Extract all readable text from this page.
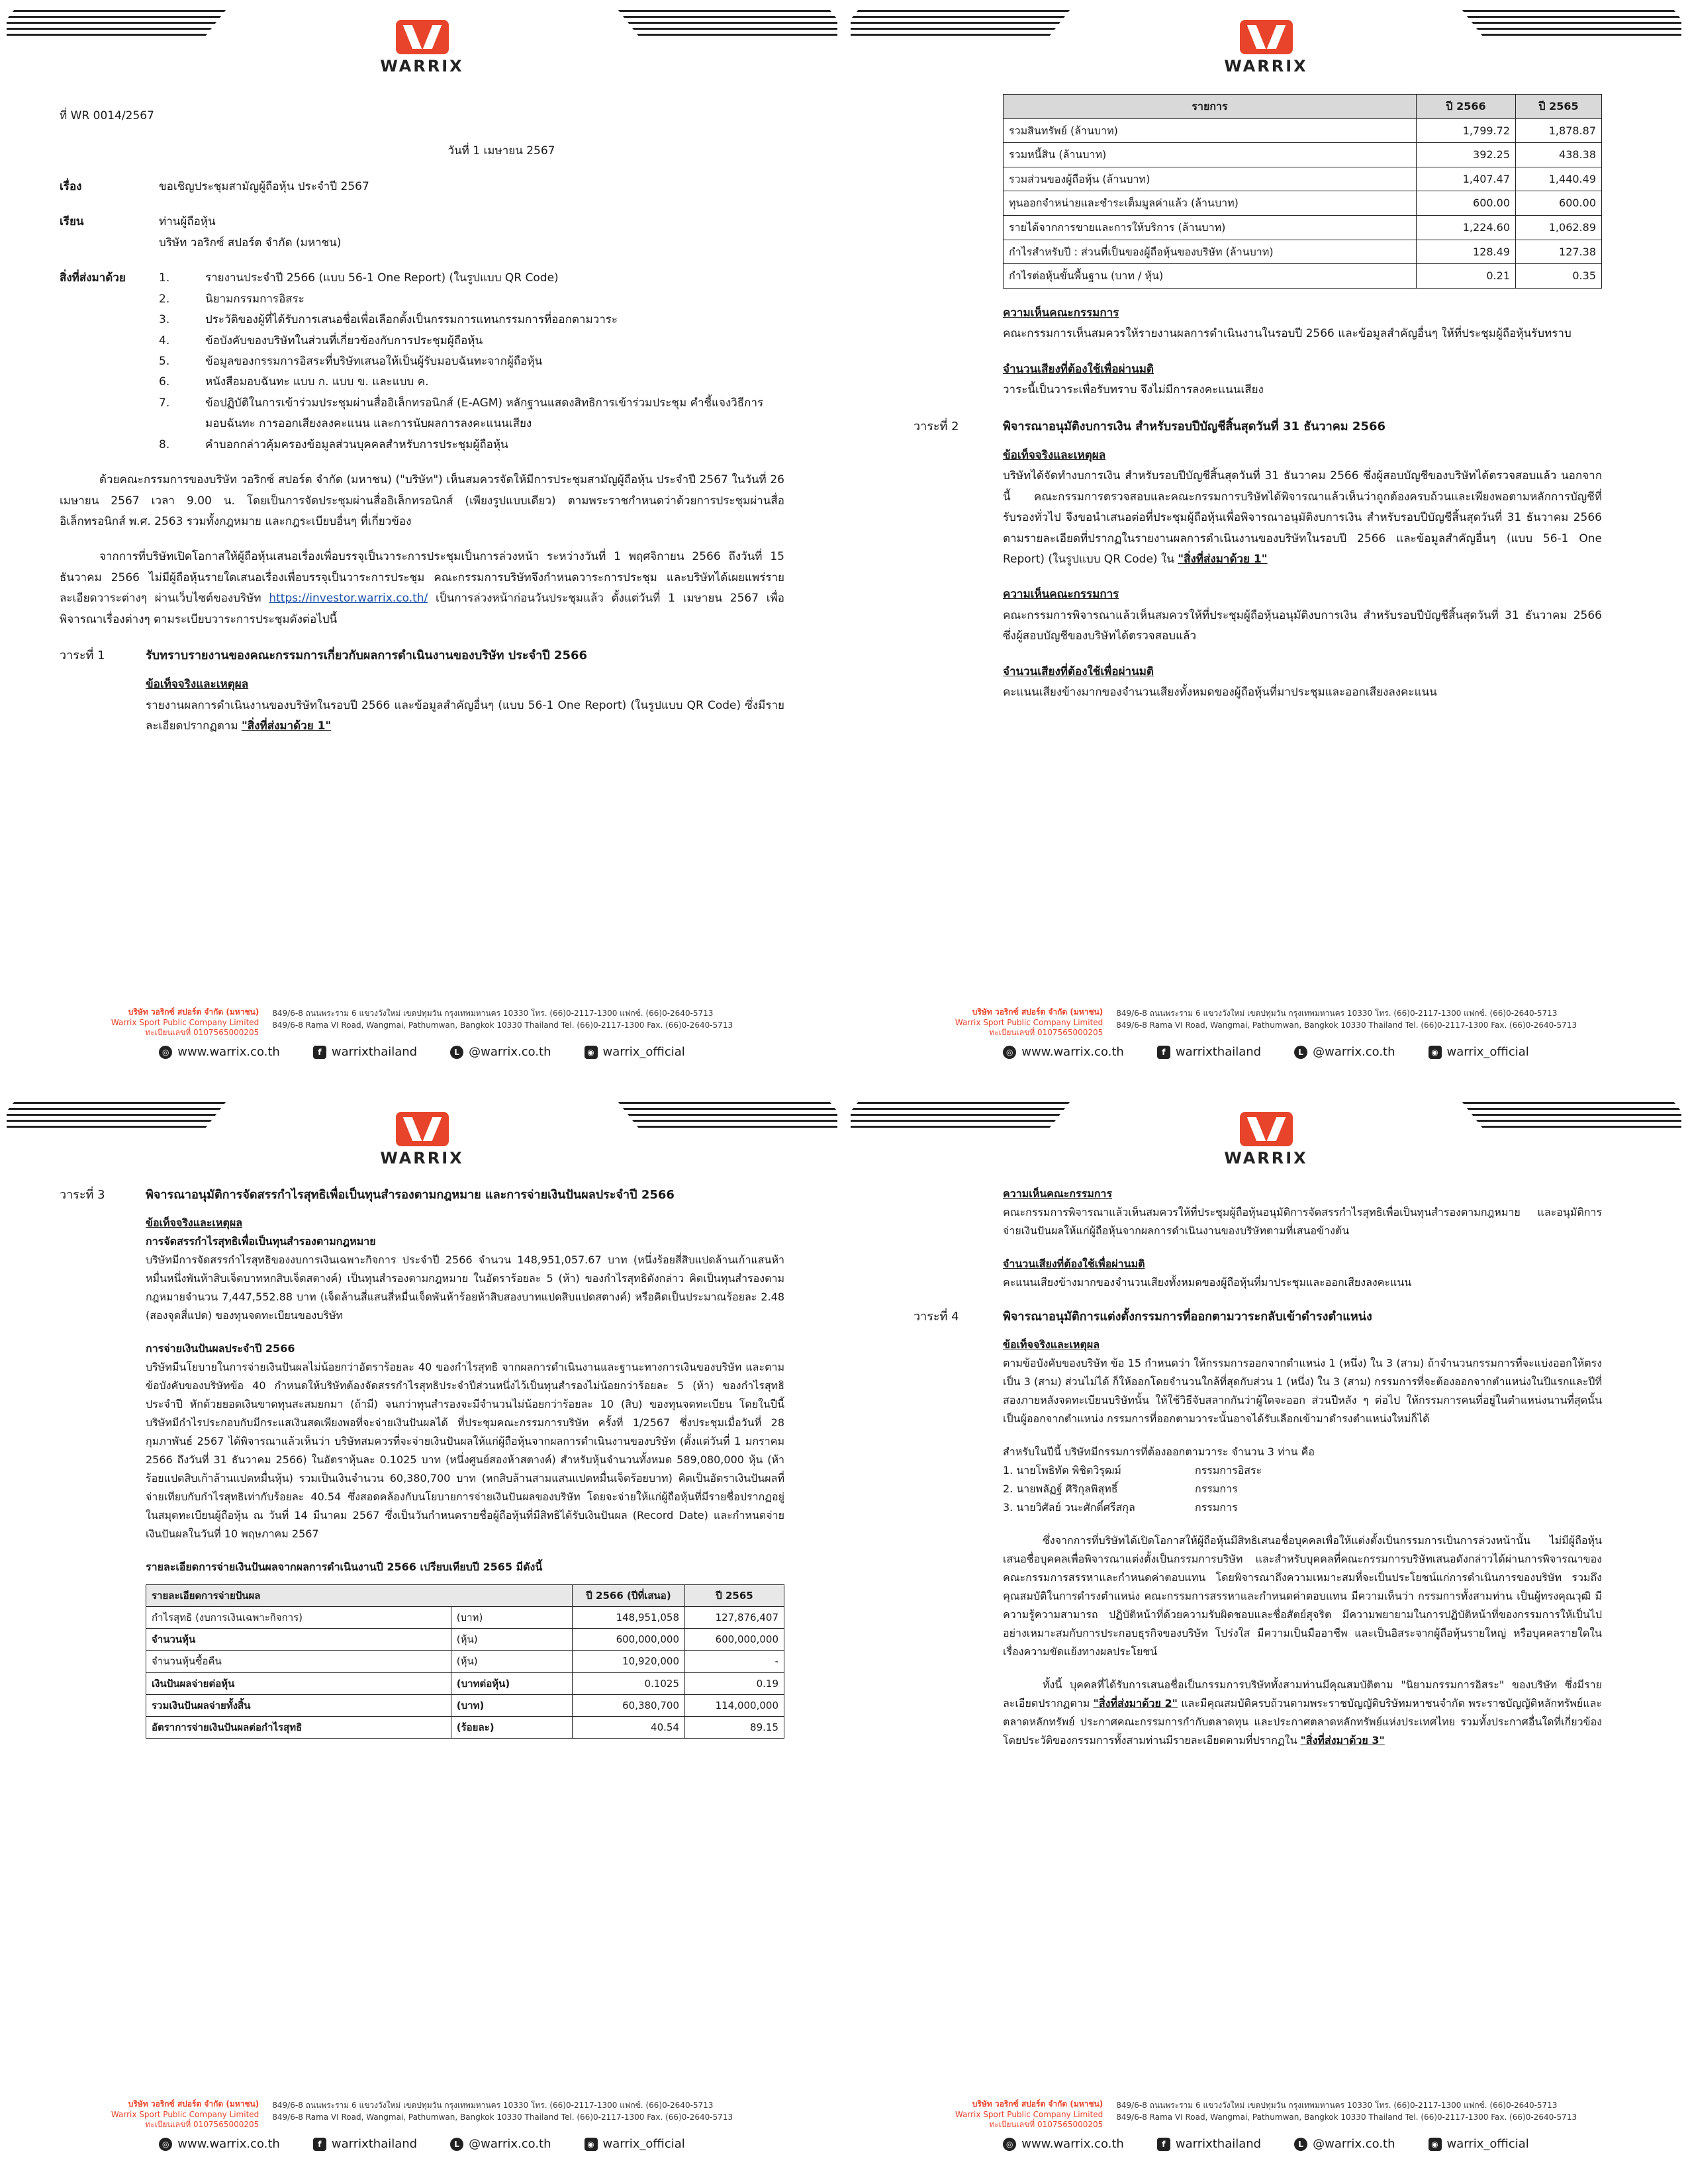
WARRIX
ที่ WR 0014/2567
วันที่ 1 เมษายน 2567
เรื่อง	ขอเชิญประชุมสามัญผู้ถือหุ้น ประจำปี 2567
เรียน	ท่านผู้ถือหุ้น
บริษัท วอริกซ์ สปอร์ต จำกัด (มหาชน)
สิ่งที่ส่งมาด้วย	1.	รายงานประจำปี 2566 (แบบ 56-1 One Report) (ในรูปแบบ QR Code)
2.	นิยามกรรมการอิสระ
3.	ประวัติของผู้ที่ได้รับการเสนอชื่อเพื่อเลือกตั้งเป็นกรรมการแทนกรรมการที่ออกตามวาระ
4.	ข้อบังคับของบริษัทในส่วนที่เกี่ยวข้องกับการประชุมผู้ถือหุ้น
5.	ข้อมูลของกรรมการอิสระที่บริษัทเสนอให้เป็นผู้รับมอบฉันทะจากผู้ถือหุ้น
6.	หนังสือมอบฉันทะ แบบ ก. แบบ ข. และแบบ ค.
7.	ข้อปฏิบัติในการเข้าร่วมประชุมผ่านสื่ออิเล็กทรอนิกส์ (E-AGM) หลักฐานแสดงสิทธิการเข้าร่วมประชุม คำชี้แจงวิธีการมอบฉันทะ การออกเสียงลงคะแนน และการนับผลการลงคะแนนเสียง
8.	คำบอกกล่าวคุ้มครองข้อมูลส่วนบุคคลสำหรับการประชุมผู้ถือหุ้น

ด้วยคณะกรรมการของบริษัท วอริกซ์ สปอร์ต จำกัด (มหาชน) ("บริษัท") เห็นสมควรจัดให้มีการประชุมสามัญผู้ถือหุ้น ประจำปี 2567 ในวันที่ 26 เมษายน 2567 เวลา 9.00 น. โดยเป็นการจัดประชุมผ่านสื่ออิเล็กทรอนิกส์ (เพียงรูปแบบเดียว) ตามพระราชกำหนดว่าด้วยการประชุมผ่านสื่ออิเล็กทรอนิกส์ พ.ศ. 2563 รวมทั้งกฎหมาย และกฎระเบียบอื่นๆ ที่เกี่ยวข้อง

จากการที่บริษัทเปิดโอกาสให้ผู้ถือหุ้นเสนอเรื่องเพื่อบรรจุเป็นวาระการประชุมเป็นการล่วงหน้า ระหว่างวันที่ 1 พฤศจิกายน 2566 ถึงวันที่ 15 ธันวาคม 2566 ไม่มีผู้ถือหุ้นรายใดเสนอเรื่องเพื่อบรรจุเป็นวาระการประชุม คณะกรรมการบริษัทจึงกำหนดวาระการประชุม และบริษัทได้เผยแพร่รายละเอียดวาระต่างๆ ผ่านเว็บไซต์ของบริษัท https://investor.warrix.co.th/ เป็นการล่วงหน้าก่อนวันประชุมแล้ว ตั้งแต่วันที่ 1 เมษายน 2567 เพื่อพิจารณาเรื่องต่างๆ ตามระเบียบวาระการประชุมดังต่อไปนี้

วาระที่ 1	รับทราบรายงานของคณะกรรมการเกี่ยวกับผลการดำเนินงานของบริษัท ประจำปี 2566
ข้อเท็จจริงและเหตุผล

รายงานผลการดำเนินงานของบริษัทในรอบปี 2566 และข้อมูลสำคัญอื่นๆ (แบบ 56-1 One Report) (ในรูปแบบ QR Code) ซึ่งมีรายละเอียดปรากฏตาม "สิ่งที่ส่งมาด้วย 1"

บริษัท วอริกซ์ สปอร์ต จำกัด (มหาชน)
Warrix Sport Public Company Limited
ทะเบียนเลขที่ 0107565000205
849/6-8 ถนนพระราม 6 แขวงวังใหม่ เขตปทุมวัน กรุงเทพมหานคร 10330 โทร. (66)0-2117-1300 แฟกซ์. (66)0-2640-5713
849/6-8 Rama VI Road, Wangmai, Pathumwan, Bangkok 10330 Thailand Tel. (66)0-2117-1300 Fax. (66)0-2640-5713
◎ www.warrix.co.th	f warrixthailand	L @warrix.co.th	◉ warrix_official
WARRIX
รายการ	ปี 2566	ปี 2565
รวมสินทรัพย์ (ล้านบาท)	1,799.72	1,878.87
รวมหนี้สิน (ล้านบาท)	392.25	438.38
รวมส่วนของผู้ถือหุ้น (ล้านบาท)	1,407.47	1,440.49
ทุนออกจำหน่ายและชำระเต็มมูลค่าแล้ว (ล้านบาท)	600.00	600.00
รายได้จากการขายและการให้บริการ (ล้านบาท)	1,224.60	1,062.89
กำไรสำหรับปี : ส่วนที่เป็นของผู้ถือหุ้นของบริษัท (ล้านบาท)	128.49	127.38
กำไรต่อหุ้นขั้นพื้นฐาน (บาท / หุ้น)	0.21	0.35
ความเห็นคณะกรรมการ

คณะกรรมการเห็นสมควรให้รายงานผลการดำเนินงานในรอบปี 2566 และข้อมูลสำคัญอื่นๆ ให้ที่ประชุมผู้ถือหุ้นรับทราบ

จำนวนเสียงที่ต้องใช้เพื่อผ่านมติ

วาระนี้เป็นวาระเพื่อรับทราบ จึงไม่มีการลงคะแนนเสียง

วาระที่ 2	พิจารณาอนุมัติงบการเงิน สำหรับรอบปีบัญชีสิ้นสุดวันที่ 31 ธันวาคม 2566
ข้อเท็จจริงและเหตุผล

บริษัทได้จัดทำงบการเงิน สำหรับรอบปีบัญชีสิ้นสุดวันที่ 31 ธันวาคม 2566 ซึ่งผู้สอบบัญชีของบริษัทได้ตรวจสอบแล้ว นอกจากนี้ คณะกรรมการตรวจสอบและคณะกรรมการบริษัทได้พิจารณาแล้วเห็นว่าถูกต้องครบถ้วนและเพียงพอตามหลักการบัญชีที่รับรองทั่วไป จึงขอนำเสนอต่อที่ประชุมผู้ถือหุ้นเพื่อพิจารณาอนุมัติงบการเงิน สำหรับรอบปีบัญชีสิ้นสุดวันที่ 31 ธันวาคม 2566 ตามรายละเอียดที่ปรากฏในรายงานผลการดำเนินงานของบริษัทในรอบปี 2566 และข้อมูลสำคัญอื่นๆ (แบบ 56-1 One Report) (ในรูปแบบ QR Code) ใน "สิ่งที่ส่งมาด้วย 1"

ความเห็นคณะกรรมการ

คณะกรรมการพิจารณาแล้วเห็นสมควรให้ที่ประชุมผู้ถือหุ้นอนุมัติงบการเงิน สำหรับรอบปีบัญชีสิ้นสุดวันที่ 31 ธันวาคม 2566 ซึ่งผู้สอบบัญชีของบริษัทได้ตรวจสอบแล้ว

จำนวนเสียงที่ต้องใช้เพื่อผ่านมติ

คะแนนเสียงข้างมากของจำนวนเสียงทั้งหมดของผู้ถือหุ้นที่มาประชุมและออกเสียงลงคะแนน

บริษัท วอริกซ์ สปอร์ต จำกัด (มหาชน)
Warrix Sport Public Company Limited
ทะเบียนเลขที่ 0107565000205
849/6-8 ถนนพระราม 6 แขวงวังใหม่ เขตปทุมวัน กรุงเทพมหานคร 10330 โทร. (66)0-2117-1300 แฟกซ์. (66)0-2640-5713
849/6-8 Rama VI Road, Wangmai, Pathumwan, Bangkok 10330 Thailand Tel. (66)0-2117-1300 Fax. (66)0-2640-5713
◎ www.warrix.co.th	f warrixthailand	L @warrix.co.th	◉ warrix_official
WARRIX
วาระที่ 3	พิจารณาอนุมัติการจัดสรรกำไรสุทธิเพื่อเป็นทุนสำรองตามกฎหมาย และการจ่ายเงินปันผลประจำปี 2566
ข้อเท็จจริงและเหตุผล
การจัดสรรกำไรสุทธิเพื่อเป็นทุนสำรองตามกฎหมาย

บริษัทมีการจัดสรรกำไรสุทธิของงบการเงินเฉพาะกิจการ ประจำปี 2566 จำนวน 148,951,057.67 บาท (หนึ่งร้อยสี่สิบแปดล้านเก้าแสนห้าหมื่นหนึ่งพันห้าสิบเจ็ดบาทหกสิบเจ็ดสตางค์) เป็นทุนสำรองตามกฎหมาย ในอัตราร้อยละ 5 (ห้า) ของกำไรสุทธิดังกล่าว คิดเป็นทุนสำรองตามกฎหมายจำนวน 7,447,552.88 บาท (เจ็ดล้านสี่แสนสี่หมื่นเจ็ดพันห้าร้อยห้าสิบสองบาทแปดสิบแปดสตางค์) หรือคิดเป็นประมาณร้อยละ 2.48 (สองจุดสี่แปด) ของทุนจดทะเบียนของบริษัท

การจ่ายเงินปันผลประจำปี 2566

บริษัทมีนโยบายในการจ่ายเงินปันผลไม่น้อยกว่าอัตราร้อยละ 40 ของกำไรสุทธิ จากผลการดำเนินงานและฐานะทางการเงินของบริษัท และตามข้อบังคับของบริษัทข้อ 40 กำหนดให้บริษัทต้องจัดสรรกำไรสุทธิประจำปีส่วนหนึ่งไว้เป็นทุนสำรองไม่น้อยกว่าร้อยละ 5 (ห้า) ของกำไรสุทธิประจำปี หักด้วยยอดเงินขาดทุนสะสมยกมา (ถ้ามี) จนกว่าทุนสำรองจะมีจำนวนไม่น้อยกว่าร้อยละ 10 (สิบ) ของทุนจดทะเบียน โดยในปีนี้ บริษัทมีกำไรประกอบกับมีกระแสเงินสดเพียงพอที่จะจ่ายเงินปันผลได้ ที่ประชุมคณะกรรมการบริษัท ครั้งที่ 1/2567 ซึ่งประชุมเมื่อวันที่ 28 กุมภาพันธ์ 2567 ได้พิจารณาแล้วเห็นว่า บริษัทสมควรที่จะจ่ายเงินปันผลให้แก่ผู้ถือหุ้นจากผลการดำเนินงานของบริษัท (ตั้งแต่วันที่ 1 มกราคม 2566 ถึงวันที่ 31 ธันวาคม 2566) ในอัตราหุ้นละ 0.1025 บาท (หนึ่งศูนย์สองห้าสตางค์) สำหรับหุ้นจำนวนทั้งหมด 589,080,000 หุ้น (ห้าร้อยแปดสิบเก้าล้านแปดหมื่นหุ้น) รวมเป็นเงินจำนวน 60,380,700 บาท (หกสิบล้านสามแสนแปดหมื่นเจ็ดร้อยบาท) คิดเป็นอัตราเงินปันผลที่จ่ายเทียบกับกำไรสุทธิเท่ากับร้อยละ 40.54 ซึ่งสอดคล้องกับนโยบายการจ่ายเงินปันผลของบริษัท โดยจะจ่ายให้แก่ผู้ถือหุ้นที่มีรายชื่อปรากฏอยู่ในสมุดทะเบียนผู้ถือหุ้น ณ วันที่ 14 มีนาคม 2567 ซึ่งเป็นวันกำหนดรายชื่อผู้ถือหุ้นที่มีสิทธิได้รับเงินปันผล (Record Date) และกำหนดจ่ายเงินปันผลในวันที่ 10 พฤษภาคม 2567

รายละเอียดการจ่ายเงินปันผลจากผลการดำเนินงานปี 2566 เปรียบเทียบปี 2565 มีดังนี้
รายละเอียดการจ่ายปันผล		ปี 2566 (ปีที่เสนอ)	ปี 2565
กำไรสุทธิ (งบการเงินเฉพาะกิจการ)	(บาท)	148,951,058	127,876,407
จำนวนหุ้น	(หุ้น)	600,000,000	600,000,000
จำนวนหุ้นซื้อคืน	(หุ้น)	10,920,000	-
เงินปันผลจ่ายต่อหุ้น	(บาทต่อหุ้น)	0.1025	0.19
รวมเงินปันผลจ่ายทั้งสิ้น	(บาท)	60,380,700	114,000,000
อัตราการจ่ายเงินปันผลต่อกำไรสุทธิ	(ร้อยละ)	40.54	89.15
บริษัท วอริกซ์ สปอร์ต จำกัด (มหาชน)
Warrix Sport Public Company Limited
ทะเบียนเลขที่ 0107565000205
849/6-8 ถนนพระราม 6 แขวงวังใหม่ เขตปทุมวัน กรุงเทพมหานคร 10330 โทร. (66)0-2117-1300 แฟกซ์. (66)0-2640-5713
849/6-8 Rama VI Road, Wangmai, Pathumwan, Bangkok 10330 Thailand Tel. (66)0-2117-1300 Fax. (66)0-2640-5713
◎ www.warrix.co.th	f warrixthailand	L @warrix.co.th	◉ warrix_official
WARRIX
ความเห็นคณะกรรมการ

คณะกรรมการพิจารณาแล้วเห็นสมควรให้ที่ประชุมผู้ถือหุ้นอนุมัติการจัดสรรกำไรสุทธิเพื่อเป็นทุนสำรองตามกฎหมาย และอนุมัติการจ่ายเงินปันผลให้แก่ผู้ถือหุ้นจากผลการดำเนินงานของบริษัทตามที่เสนอข้างต้น

จำนวนเสียงที่ต้องใช้เพื่อผ่านมติ

คะแนนเสียงข้างมากของจำนวนเสียงทั้งหมดของผู้ถือหุ้นที่มาประชุมและออกเสียงลงคะแนน

วาระที่ 4	พิจารณาอนุมัติการแต่งตั้งกรรมการที่ออกตามวาระกลับเข้าดำรงตำแหน่ง
ข้อเท็จจริงและเหตุผล

ตามข้อบังคับของบริษัท ข้อ 15 กำหนดว่า ให้กรรมการออกจากตำแหน่ง 1 (หนึ่ง) ใน 3 (สาม) ถ้าจำนวนกรรมการที่จะแบ่งออกให้ตรงเป็น 3 (สาม) ส่วนไม่ได้ ก็ให้ออกโดยจำนวนใกล้ที่สุดกับส่วน 1 (หนึ่ง) ใน 3 (สาม) กรรมการที่จะต้องออกจากตำแหน่งในปีแรกและปีที่สองภายหลังจดทะเบียนบริษัทนั้น ให้ใช้วิธีจับสลากกันว่าผู้ใดจะออก ส่วนปีหลัง ๆ ต่อไป ให้กรรมการคนที่อยู่ในตำแหน่งนานที่สุดนั้นเป็นผู้ออกจากตำแหน่ง กรรมการที่ออกตามวาระนั้นอาจได้รับเลือกเข้ามาดำรงตำแหน่งใหม่ก็ได้

สำหรับในปีนี้ บริษัทมีกรรมการที่ต้องออกตามวาระ จำนวน 3 ท่าน คือ
1. นายโพธิทัต พิชิตวิรุฒม์	กรรมการอิสระ
2. นายพลัฏฐ์ ศิริกุลพิสุทธิ์	กรรมการ
3. นายวิศัลย์ วนะศักดิ์ศรีสกุล	กรรมการ

ซึ่งจากการที่บริษัทได้เปิดโอกาสให้ผู้ถือหุ้นมีสิทธิเสนอชื่อบุคคลเพื่อให้แต่งตั้งเป็นกรรมการเป็นการล่วงหน้านั้น ไม่มีผู้ถือหุ้นเสนอชื่อบุคคลเพื่อพิจารณาแต่งตั้งเป็นกรรมการบริษัท และสำหรับบุคคลที่คณะกรรมการบริษัทเสนอดังกล่าวได้ผ่านการพิจารณาของคณะกรรมการสรรหาและกำหนดค่าตอบแทน โดยพิจารณาถึงความเหมาะสมที่จะเป็นประโยชน์แก่การดำเนินการของบริษัท รวมถึงคุณสมบัติในการดำรงตำแหน่ง คณะกรรมการสรรหาและกำหนดค่าตอบแทน มีความเห็นว่า กรรมการทั้งสามท่าน เป็นผู้ทรงคุณวุฒิ มีความรู้ความสามารถ ปฏิบัติหน้าที่ด้วยความรับผิดชอบและซื่อสัตย์สุจริต มีความพยายามในการปฏิบัติหน้าที่ของกรรมการให้เป็นไปอย่างเหมาะสมกับการประกอบธุรกิจของบริษัท โปร่งใส มีความเป็นมืออาชีพ และเป็นอิสระจากผู้ถือหุ้นรายใหญ่ หรือบุคคลรายใดในเรื่องความขัดแย้งทางผลประโยชน์

ทั้งนี้ บุคคลที่ได้รับการเสนอชื่อเป็นกรรมการบริษัททั้งสามท่านมีคุณสมบัติตาม "นิยามกรรมการอิสระ" ของบริษัท ซึ่งมีรายละเอียดปรากฏตาม "สิ่งที่ส่งมาด้วย 2" และมีคุณสมบัติครบถ้วนตามพระราชบัญญัติบริษัทมหาชนจำกัด พระราชบัญญัติหลักทรัพย์และตลาดหลักทรัพย์ ประกาศคณะกรรมการกำกับตลาดทุน และประกาศตลาดหลักทรัพย์แห่งประเทศไทย รวมทั้งประกาศอื่นใดที่เกี่ยวข้อง โดยประวัติของกรรมการทั้งสามท่านมีรายละเอียดตามที่ปรากฏใน "สิ่งที่ส่งมาด้วย 3"

บริษัท วอริกซ์ สปอร์ต จำกัด (มหาชน)
Warrix Sport Public Company Limited
ทะเบียนเลขที่ 0107565000205
849/6-8 ถนนพระราม 6 แขวงวังใหม่ เขตปทุมวัน กรุงเทพมหานคร 10330 โทร. (66)0-2117-1300 แฟกซ์. (66)0-2640-5713
849/6-8 Rama VI Road, Wangmai, Pathumwan, Bangkok 10330 Thailand Tel. (66)0-2117-1300 Fax. (66)0-2640-5713
◎ www.warrix.co.th	f warrixthailand	L @warrix.co.th	◉ warrix_official
